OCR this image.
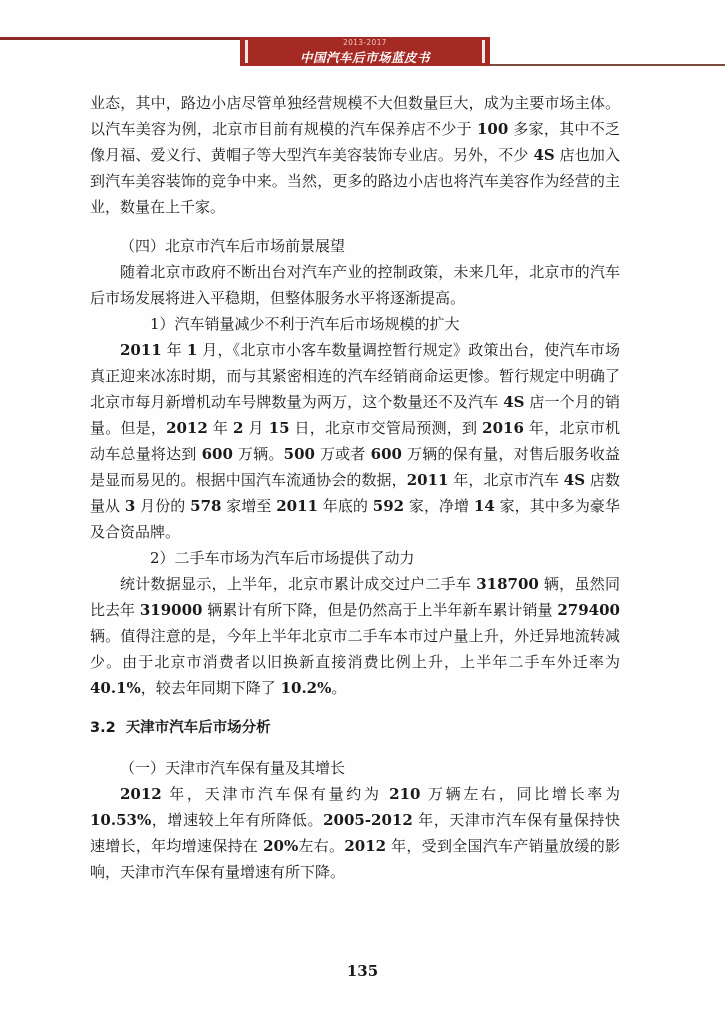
2013-2017
中国汽车后市场蓝皮书

业态，其中，路边小店尽管单独经营规模不大但数量巨大，成为主要市场主体。以汽车美容为例，北京市目前有规模的汽车保养店不少于 100 多家，其中不乏像月福、爱义行、黄帽子等大型汽车美容装饰专业店。另外，不少 4S 店也加入到汽车美容装饰的竞争中来。当然，更多的路边小店也将汽车美容作为经营的主业，数量在上千家。

（四）北京市汽车后市场前景展望

随着北京市政府不断出台对汽车产业的控制政策，未来几年，北京市的汽车后市场发展将进入平稳期，但整体服务水平将逐渐提高。

1）汽车销量减少不利于汽车后市场规模的扩大

2011 年 1 月，《北京市小客车数量调控暂行规定》政策出台，使汽车市场真正迎来冰冻时期，而与其紧密相连的汽车经销商命运更惨。暂行规定中明确了北京市每月新增机动车号牌数量为两万，这个数量还不及汽车 4S 店一个月的销量。但是，2012 年 2 月 15 日，北京市交管局预测，到 2016 年，北京市机动车总量将达到 600 万辆。500 万或者 600 万辆的保有量，对售后服务收益是显而易见的。根据中国汽车流通协会的数据，2011 年，北京市汽车 4S 店数量从 3 月份的 578 家增至 2011 年底的 592 家，净增 14 家，其中多为豪华及合资品牌。

2）二手车市场为汽车后市场提供了动力

统计数据显示，上半年，北京市累计成交过户二手车 318700 辆，虽然同比去年 319000 辆累计有所下降，但是仍然高于上半年新车累计销量 279400 辆。值得注意的是，今年上半年北京市二手车本市过户量上升，外迁异地流转减少。由于北京市消费者以旧换新直接消费比例上升，上半年二手车外迁率为 40.1%，较去年同期下降了 10.2%。

3.2 天津市汽车后市场分析
（一）天津市汽车保有量及其增长

2012 年，天津市汽车保有量约为 210 万辆左右，同比增长率为 10.53%，增速较上年有所降低。2005-2012 年，天津市汽车保有量保持快速增长，年均增速保持在 20%左右。2012 年，受到全国汽车产销量放缓的影响，天津市汽车保有量增速有所下降。

135
